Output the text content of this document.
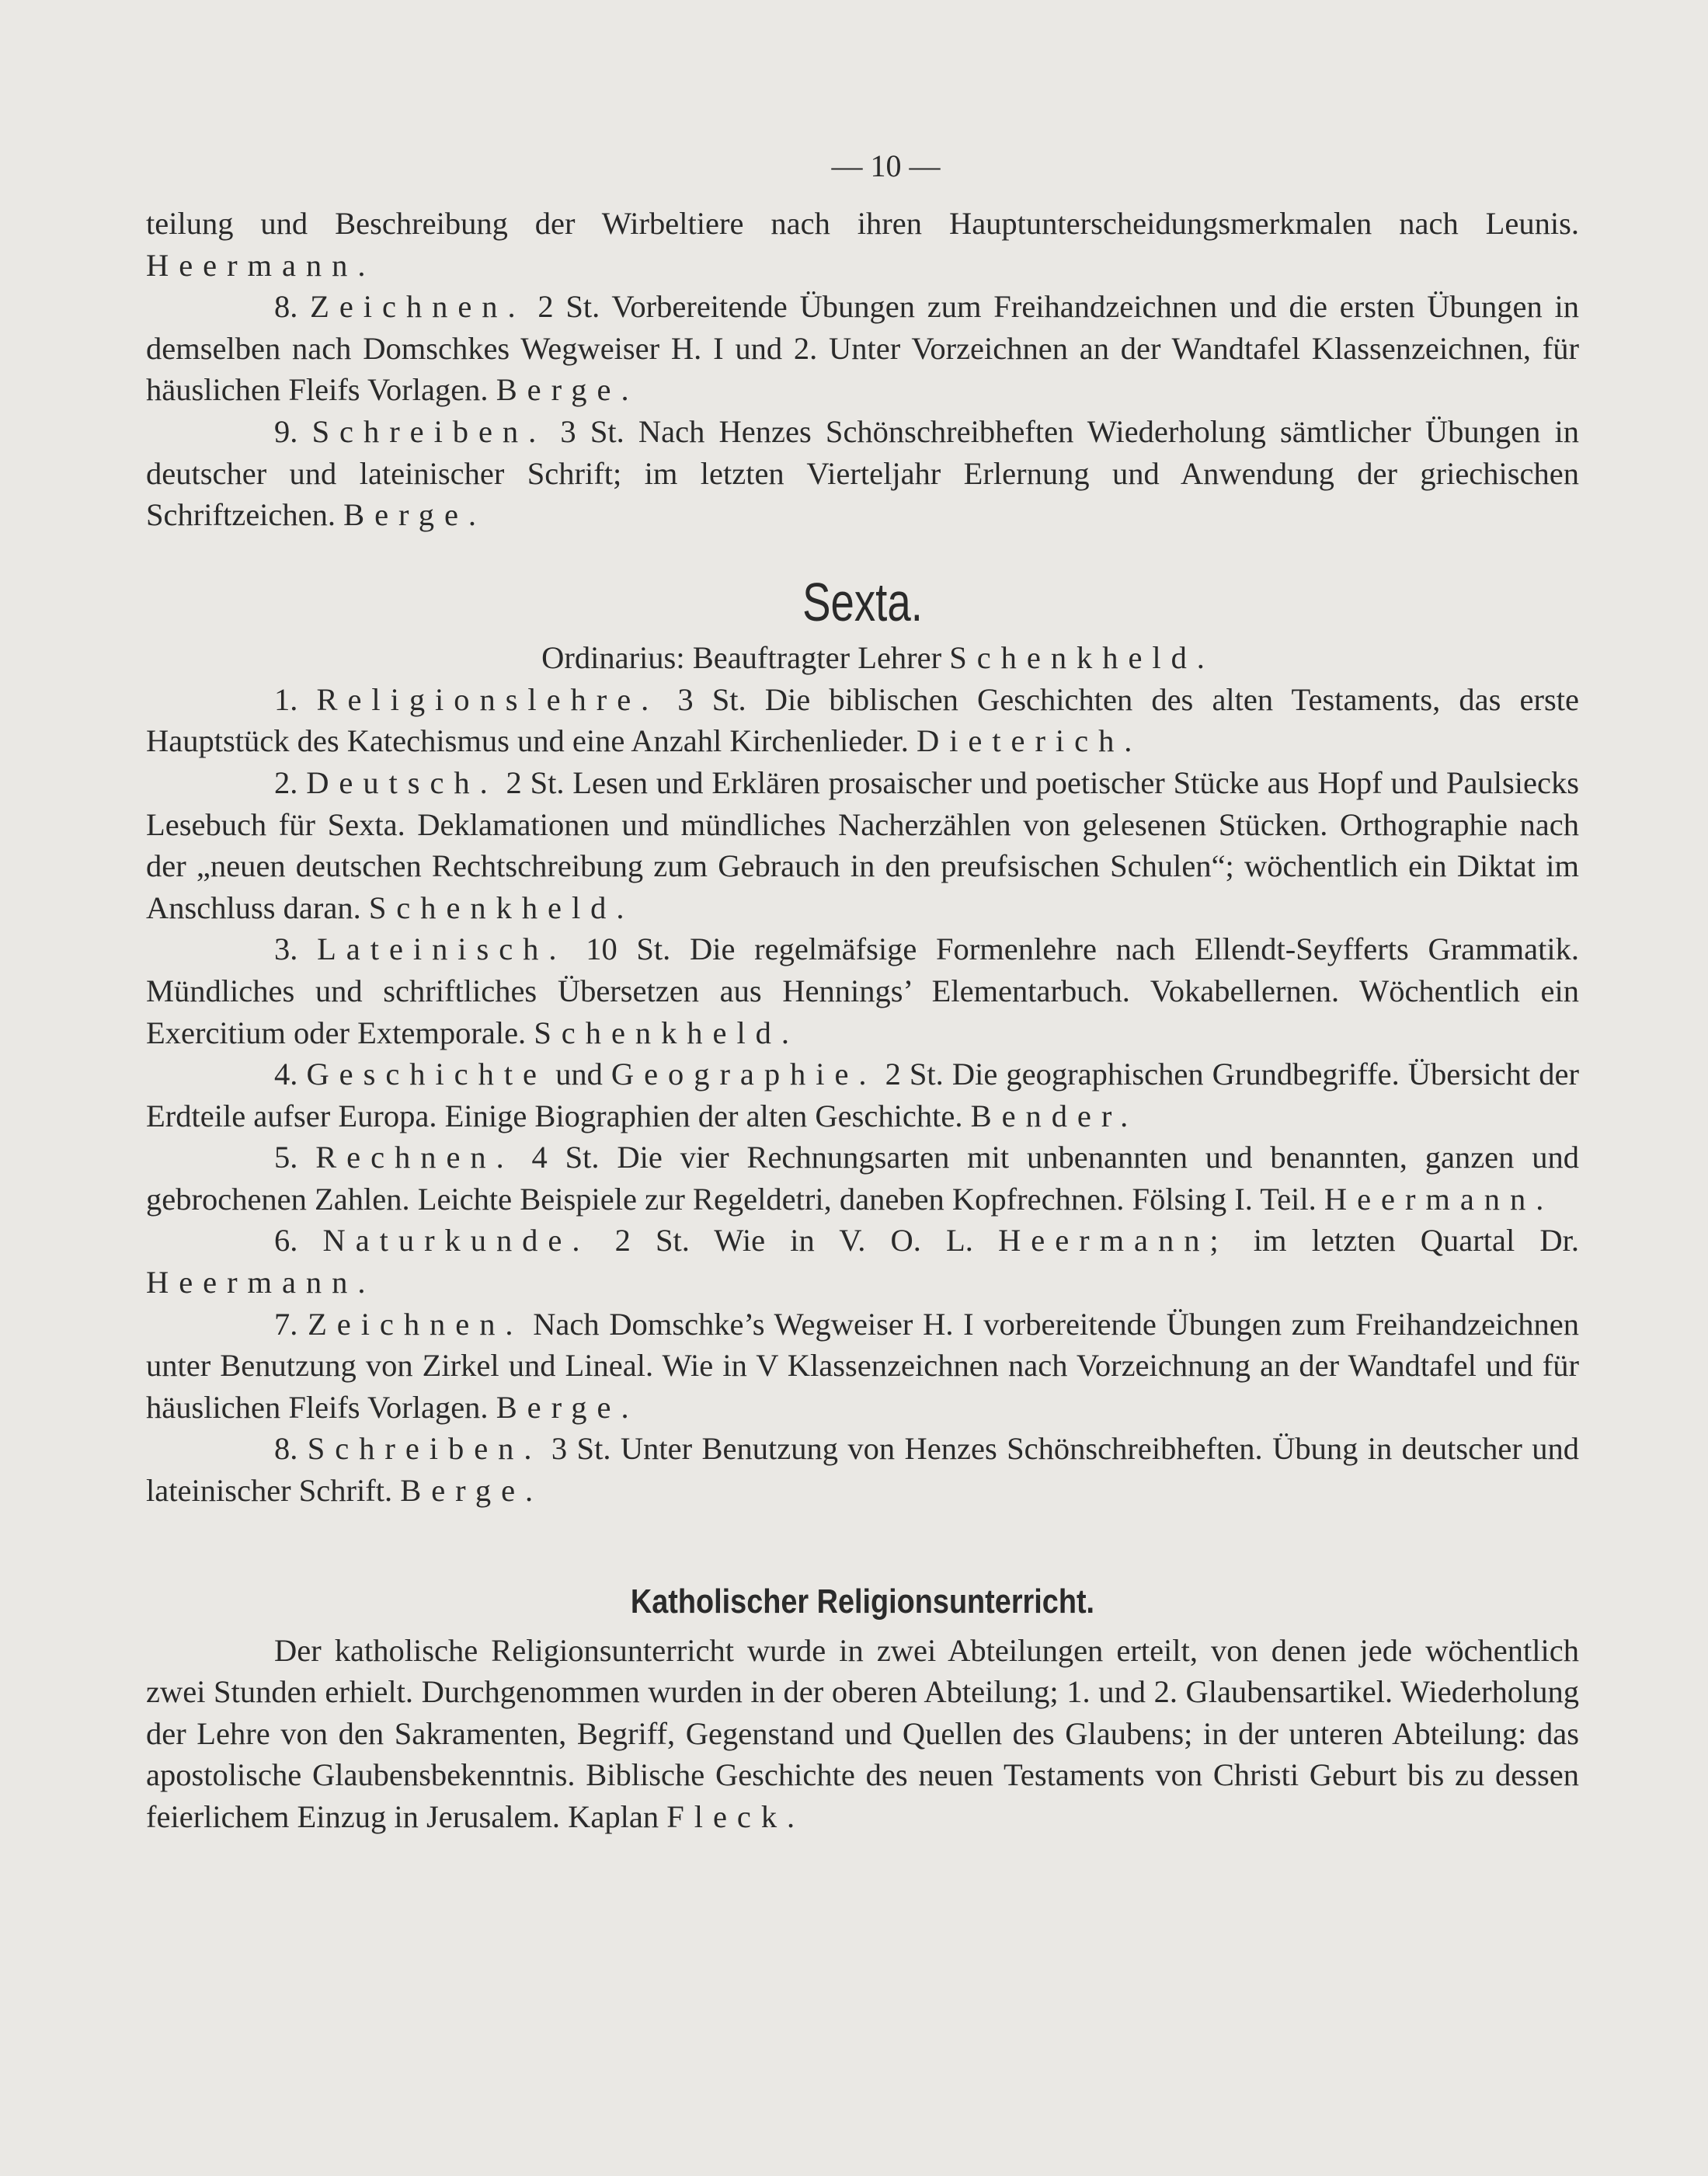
— 10 —

teilung und Beschreibung der Wirbeltiere nach ihren Hauptunterscheidungsmerkmalen nach Leunis. Heermann.

8. Zeichnen. 2 St. Vorbereitende Übungen zum Freihandzeichnen und die ersten Übungen in demselben nach Domschkes Wegweiser H. I und 2. Unter Vorzeichnen an der Wandtafel Klassenzeichnen, für häuslichen Fleifs Vorlagen. Berge.

9. Schreiben. 3 St. Nach Henzes Schönschreibheften Wiederholung sämtlicher Übungen in deutscher und lateinischer Schrift; im letzten Vierteljahr Erlernung und Anwendung der griechischen Schriftzeichen. Berge.

Sexta.
Ordinarius: Beauftragter Lehrer Schenkheld.

1. Religionslehre. 3 St. Die biblischen Geschichten des alten Testaments, das erste Hauptstück des Katechismus und eine Anzahl Kirchenlieder. Dieterich.

2. Deutsch. 2 St. Lesen und Erklären prosaischer und poetischer Stücke aus Hopf und Paulsiecks Lesebuch für Sexta. Deklamationen und mündliches Nacherzählen von gelesenen Stücken. Orthographie nach der „neuen deutschen Rechtschreibung zum Gebrauch in den preufsischen Schulen“; wöchentlich ein Diktat im Anschluss daran. Schenkheld.

3. Lateinisch. 10 St. Die regelmäfsige Formenlehre nach Ellendt-Seyfferts Grammatik. Mündliches und schriftliches Übersetzen aus Hennings’ Elementarbuch. Vokabellernen. Wöchentlich ein Exercitium oder Extemporale. Schenkheld.

4. Geschichte und Geographie. 2 St. Die geographischen Grundbegriffe. Übersicht der Erdteile aufser Europa. Einige Biographien der alten Geschichte. Bender.

5. Rechnen. 4 St. Die vier Rechnungsarten mit unbenannten und benannten, ganzen und gebrochenen Zahlen. Leichte Beispiele zur Regeldetri, daneben Kopfrechnen. Fölsing I. Teil. Heermann.

6. Naturkunde. 2 St. Wie in V. O. L. Heermann; im letzten Quartal Dr. Heermann.

7. Zeichnen. Nach Domschke’s Wegweiser H. I vorbereitende Übungen zum Freihandzeichnen unter Benutzung von Zirkel und Lineal. Wie in V Klassenzeichnen nach Vorzeichnung an der Wandtafel und für häuslichen Fleifs Vorlagen. Berge.

8. Schreiben. 3 St. Unter Benutzung von Henzes Schönschreibheften. Übung in deutscher und lateinischer Schrift. Berge.

Katholischer Religionsunterricht.

Der katholische Religionsunterricht wurde in zwei Abteilungen erteilt, von denen jede wöchentlich zwei Stunden erhielt. Durchgenommen wurden in der oberen Abteilung; 1. und 2. Glaubensartikel. Wiederholung der Lehre von den Sakramenten, Begriff, Gegenstand und Quellen des Glaubens; in der unteren Abteilung: das apostolische Glaubensbekenntnis. Biblische Geschichte des neuen Testaments von Christi Geburt bis zu dessen feierlichem Einzug in Jerusalem. Kaplan Fleck.
